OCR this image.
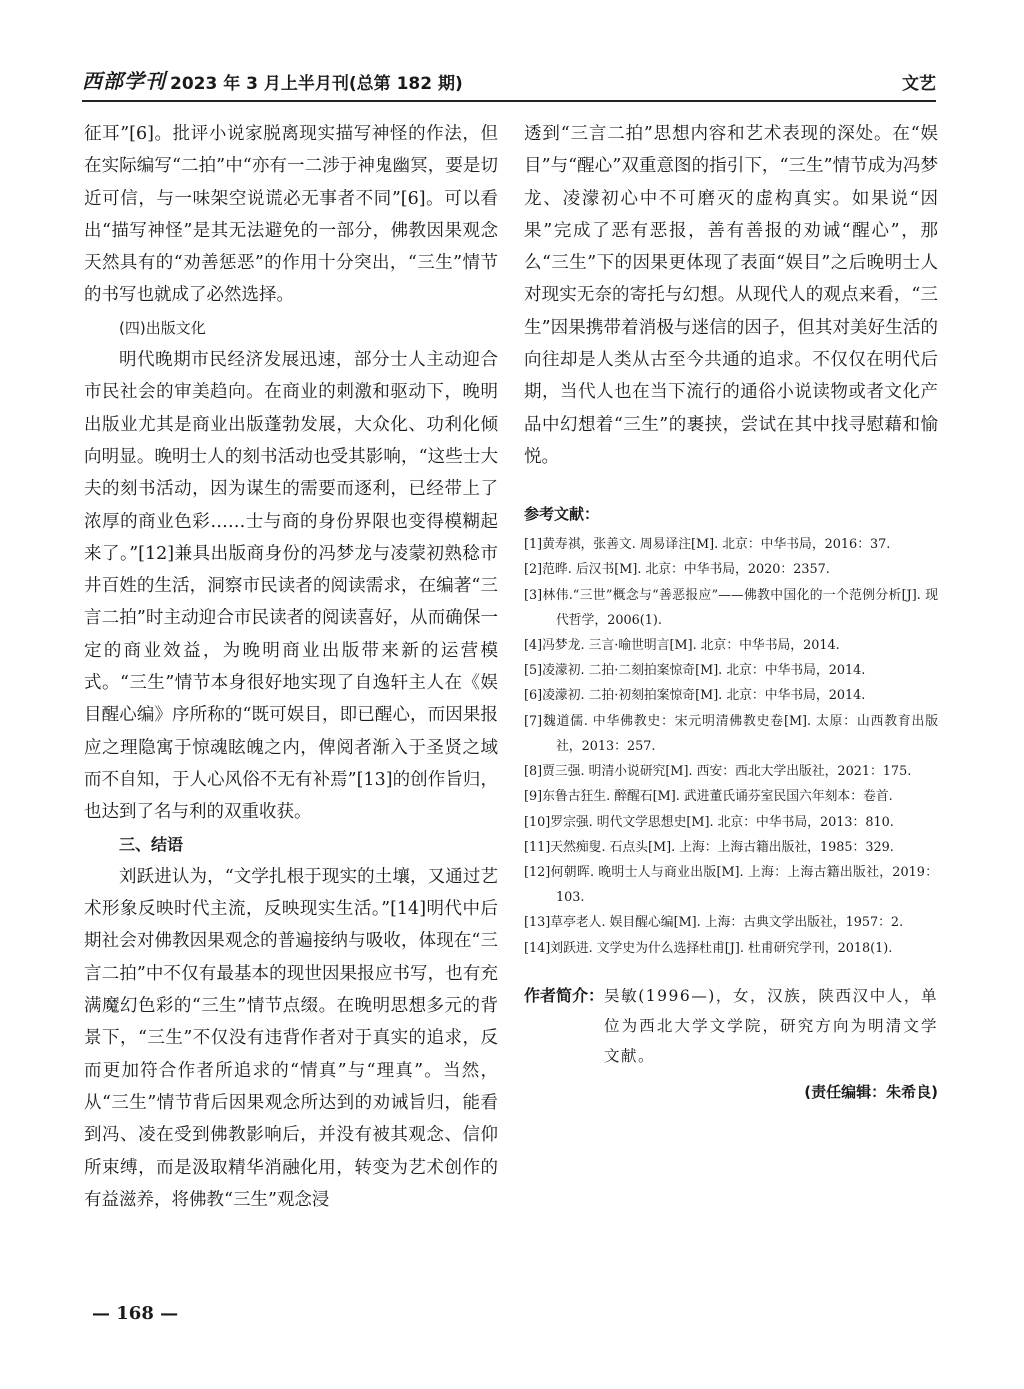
西部学刊 2023 年 3 月上半月刊(总第 182 期)	文艺

征耳”[6]。批评小说家脱离现实描写神怪的作法，但在实际编写“二拍”中“亦有一二涉于神鬼幽冥，要是切近可信，与一味架空说谎必无事者不同”[6]。可以看出“描写神怪”是其无法避免的一部分，佛教因果观念天然具有的“劝善惩恶”的作用十分突出，“三生”情节的书写也就成了必然选择。

(四)出版文化

明代晚期市民经济发展迅速，部分士人主动迎合市民社会的审美趋向。在商业的刺激和驱动下，晚明出版业尤其是商业出版蓬勃发展，大众化、功利化倾向明显。晚明士人的刻书活动也受其影响，“这些士大夫的刻书活动，因为谋生的需要而逐利，已经带上了浓厚的商业色彩……士与商的身份界限也变得模糊起来了。”[12]兼具出版商身份的冯梦龙与凌蒙初熟稔市井百姓的生活，洞察市民读者的阅读需求，在编著“三言二拍”时主动迎合市民读者的阅读喜好，从而确保一定的商业效益，为晚明商业出版带来新的运营模式。“三生”情节本身很好地实现了自逸轩主人在《娱目醒心编》序所称的“既可娱目，即已醒心，而因果报应之理隐寓于惊魂眩魄之内，俾阅者渐入于圣贤之域而不自知，于人心风俗不无有补焉”[13]的创作旨归，也达到了名与利的双重收获。

三、结语

刘跃进认为，“文学扎根于现实的土壤，又通过艺术形象反映时代主流，反映现实生活。”[14]明代中后期社会对佛教因果观念的普遍接纳与吸收，体现在“三言二拍”中不仅有最基本的现世因果报应书写，也有充满魔幻色彩的“三生”情节点缀。在晚明思想多元的背景下，“三生”不仅没有违背作者对于真实的追求，反而更加符合作者所追求的“情真”与“理真”。当然，从“三生”情节背后因果观念所达到的劝诫旨归，能看到冯、凌在受到佛教影响后，并没有被其观念、信仰所束缚，而是汲取精华消融化用，转变为艺术创作的有益滋养，将佛教“三生”观念浸

透到“三言二拍”思想内容和艺术表现的深处。在“娱目”与“醒心”双重意图的指引下，“三生”情节成为冯梦龙、凌濛初心中不可磨灭的虚构真实。如果说“因果”完成了恶有恶报，善有善报的劝诫“醒心”，那么“三生”下的因果更体现了表面“娱目”之后晚明士人对现实无奈的寄托与幻想。从现代人的观点来看，“三生”因果携带着消极与迷信的因子，但其对美好生活的向往却是人类从古至今共通的追求。不仅仅在明代后期，当代人也在当下流行的通俗小说读物或者文化产品中幻想着“三生”的裹挟，尝试在其中找寻慰藉和愉悦。

参考文献：

[1]黄寿祺，张善文. 周易译注[M]. 北京：中华书局，2016：37.

[2]范晔. 后汉书[M]. 北京：中华书局，2020：2357.

[3]林伟.“三世”概念与“善恶报应”——佛教中国化的一个范例分析[J]. 现代哲学，2006(1).

[4]冯梦龙. 三言·喻世明言[M]. 北京：中华书局，2014.

[5]凌濛初. 二拍·二刻拍案惊奇[M]. 北京：中华书局，2014.

[6]凌濛初. 二拍·初刻拍案惊奇[M]. 北京：中华书局，2014.

[7]魏道儒. 中华佛教史：宋元明清佛教史卷[M]. 太原：山西教育出版社，2013：257.

[8]贾三强. 明清小说研究[M]. 西安：西北大学出版社，2021：175.

[9]东鲁古狂生. 醉醒石[M]. 武进董氏诵芬室民国六年刻本：卷首.

[10]罗宗强. 明代文学思想史[M]. 北京：中华书局，2013：810.

[11]天然痴叟. 石点头[M]. 上海：上海古籍出版社，1985：329.

[12]何朝晖. 晚明士人与商业出版[M]. 上海：上海古籍出版社，2019：103.

[13]草亭老人. 娱目醒心编[M]. 上海：古典文学出版社，1957：2.

[14]刘跃进. 文学史为什么选择杜甫[J]. 杜甫研究学刊，2018(1).

作者简介： 吴敏(1996—)，女，汉族，陕西汉中人，单位为西北大学文学院，研究方向为明清文学文献。
(责任编辑：朱希良)
— 168 —
